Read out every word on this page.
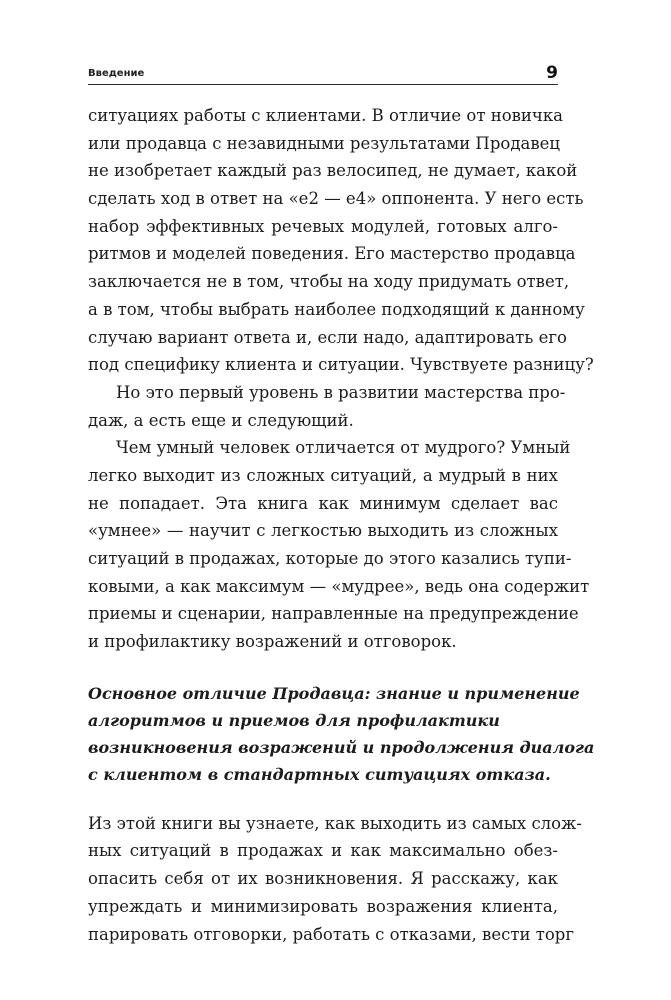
Введение	9
ситуациях работы с клиентами. В отличие от новичка
или продавца с незавидными результатами Продавец
не изобретает каждый раз велосипед, не думает, какой
сделать ход в ответ на «е2 — е4» оппонента. У него есть
набор эффективных речевых модулей, готовых алго-
ритмов и моделей поведения. Его мастерство продавца
заключается не в том, чтобы на ходу придумать ответ,
а в том, чтобы выбрать наиболее подходящий к данному
случаю вариант ответа и, если надо, адаптировать его
под специфику клиента и ситуации. Чувствуете разницу?
Но это первый уровень в развитии мастерства про-
даж, а есть еще и следующий.
Чем умный человек отличается от мудрого? Умный
легко выходит из сложных ситуаций, а мудрый в них
не попадает. Эта книга как минимум сделает вас
«умнее» — научит с легкостью выходить из сложных
ситуаций в продажах, которые до этого казались тупи-
ковыми, а как максимум — «мудрее», ведь она содержит
приемы и сценарии, направленные на предупреждение
и профилактику возражений и отговорок.
Основное отличие Продавца: знание и применение
алгоритмов и приемов для профилактики
возникновения возражений и продолжения диалога
с клиентом в стандартных ситуациях отказа.
Из этой книги вы узнаете, как выходить из самых слож-
ных ситуаций в продажах и как максимально обез-
опасить себя от их возникновения. Я расскажу, как
упреждать и минимизировать возражения клиента,
парировать отговорки, работать с отказами, вести торг
